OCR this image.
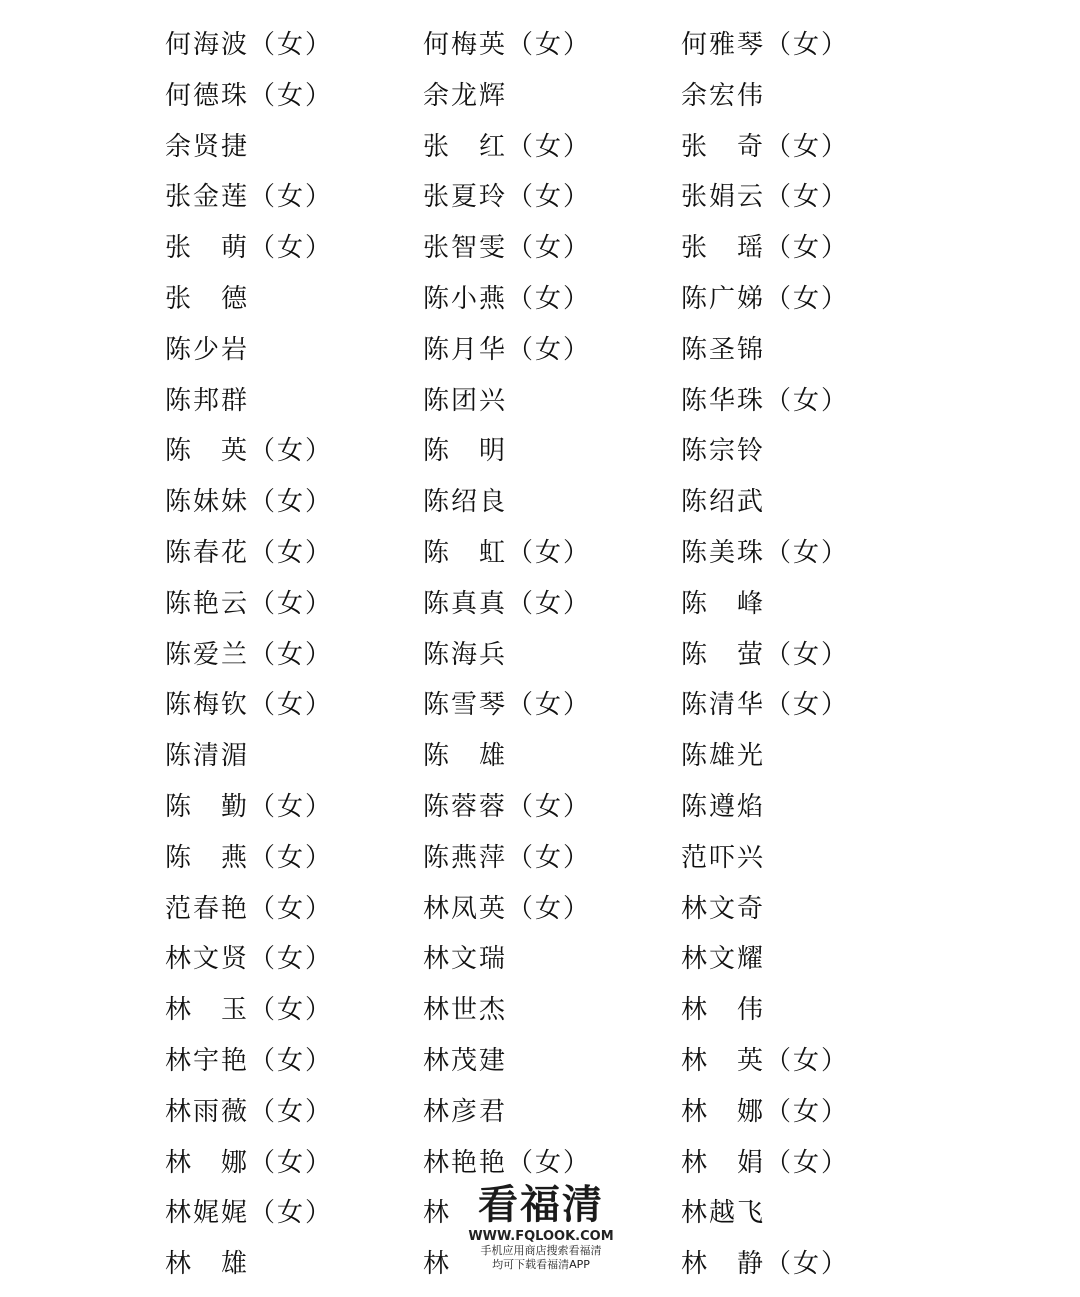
何海波（女）	何梅英（女）	何雅琴（女）
何德珠（女）	余龙辉	余宏伟
余贤捷	张　红（女）	张　奇（女）
张金莲（女）	张夏玲（女）	张娟云（女）
张　萌（女）	张智雯（女）	张　瑶（女）
张　德	陈小燕（女）	陈广娣（女）
陈少岩	陈月华（女）	陈圣锦
陈邦群	陈团兴	陈华珠（女）
陈　英（女）	陈　明	陈宗铃
陈妹妹（女）	陈绍良	陈绍武
陈春花（女）	陈　虹（女）	陈美珠（女）
陈艳云（女）	陈真真（女）	陈　峰
陈爱兰（女）	陈海兵	陈　萤（女）
陈梅钦（女）	陈雪琴（女）	陈清华（女）
陈清湄	陈　雄	陈雄光
陈　勤（女）	陈蓉蓉（女）	陈遵焰
陈　燕（女）	陈燕萍（女）	范吓兴
范春艳（女）	林凤英（女）	林文奇
林文贤（女）	林文瑞	林文耀
林　玉（女）	林世杰	林　伟
林宇艳（女）	林茂建	林　英（女）
林雨薇（女）	林彦君	林　娜（女）
林　娜（女）	林艳艳（女）	林　娟（女）
林娓娓（女）	林	林越飞
林　雄	林	林　静（女）
看福清
WWW.FQLOOK.COM
手机应用商店搜索看福清
均可下载看福清APP
